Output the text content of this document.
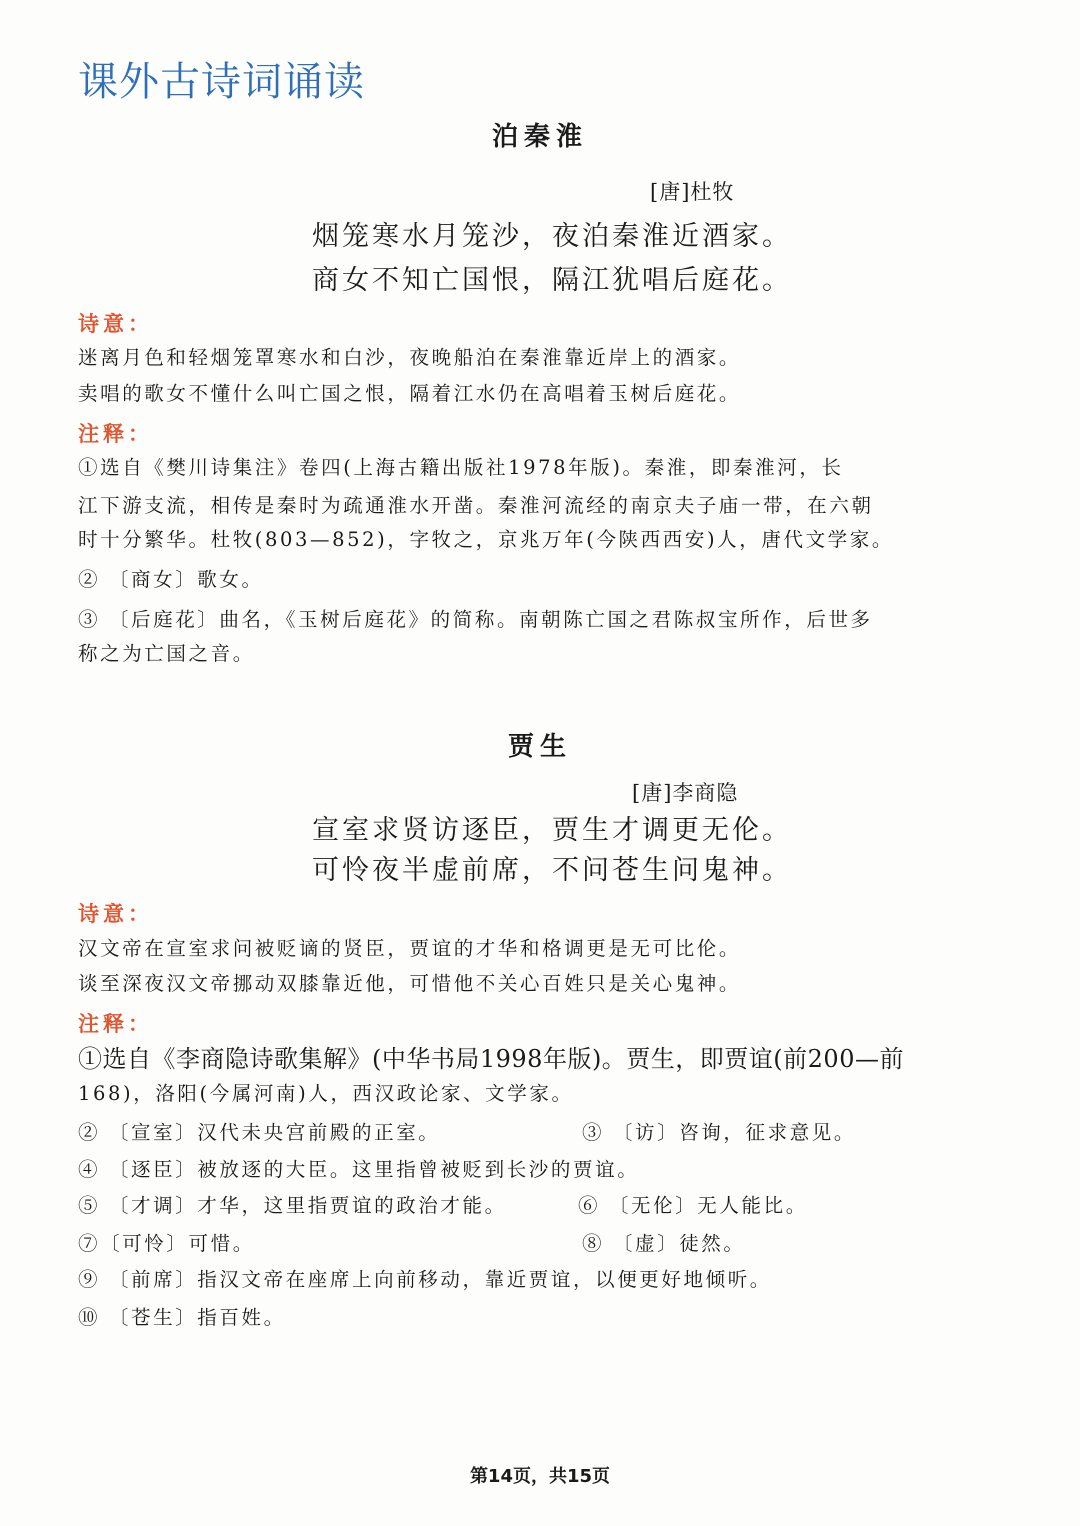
课外古诗词诵读
泊秦淮
[唐]杜牧
烟笼寒水月笼沙，夜泊秦淮近酒家。
商女不知亡国恨，隔江犹唱后庭花。
诗意：
迷离月色和轻烟笼罩寒水和白沙，夜晚船泊在秦淮靠近岸上的酒家。
卖唱的歌女不懂什么叫亡国之恨，隔着江水仍在高唱着玉树后庭花。
注释：
①选自《樊川诗集注》卷四(上海古籍出版社1978年版)。秦淮，即秦淮河，长
江下游支流，相传是秦时为疏通淮水开凿。秦淮河流经的南京夫子庙一带，在六朝
时十分繁华。杜牧(803—852)，字牧之，京兆万年(今陕西西安)人，唐代文学家。
② 〔商女〕歌女。
③ 〔后庭花〕曲名，《玉树后庭花》的简称。南朝陈亡国之君陈叔宝所作，后世多
称之为亡国之音。
贾生
[唐]李商隐
宣室求贤访逐臣，贾生才调更无伦。
可怜夜半虚前席，不问苍生问鬼神。
诗意：
汉文帝在宣室求问被贬谪的贤臣，贾谊的才华和格调更是无可比伦。
谈至深夜汉文帝挪动双膝靠近他，可惜他不关心百姓只是关心鬼神。
注释：
①选自《李商隐诗歌集解》(中华书局1998年版)。贾生，即贾谊(前200—前
168)，洛阳(今属河南)人，西汉政论家、文学家。
② 〔宣室〕汉代未央宫前殿的正室。	③ 〔访〕咨询，征求意见。
④ 〔逐臣〕被放逐的大臣。这里指曾被贬到长沙的贾谊。
⑤ 〔才调〕才华，这里指贾谊的政治才能。	⑥ 〔无伦〕无人能比。
⑦〔可怜〕可惜。	⑧ 〔虚〕徒然。
⑨ 〔前席〕指汉文帝在座席上向前移动，靠近贾谊，以便更好地倾听。
⑩ 〔苍生〕指百姓。
第14页，共15页
